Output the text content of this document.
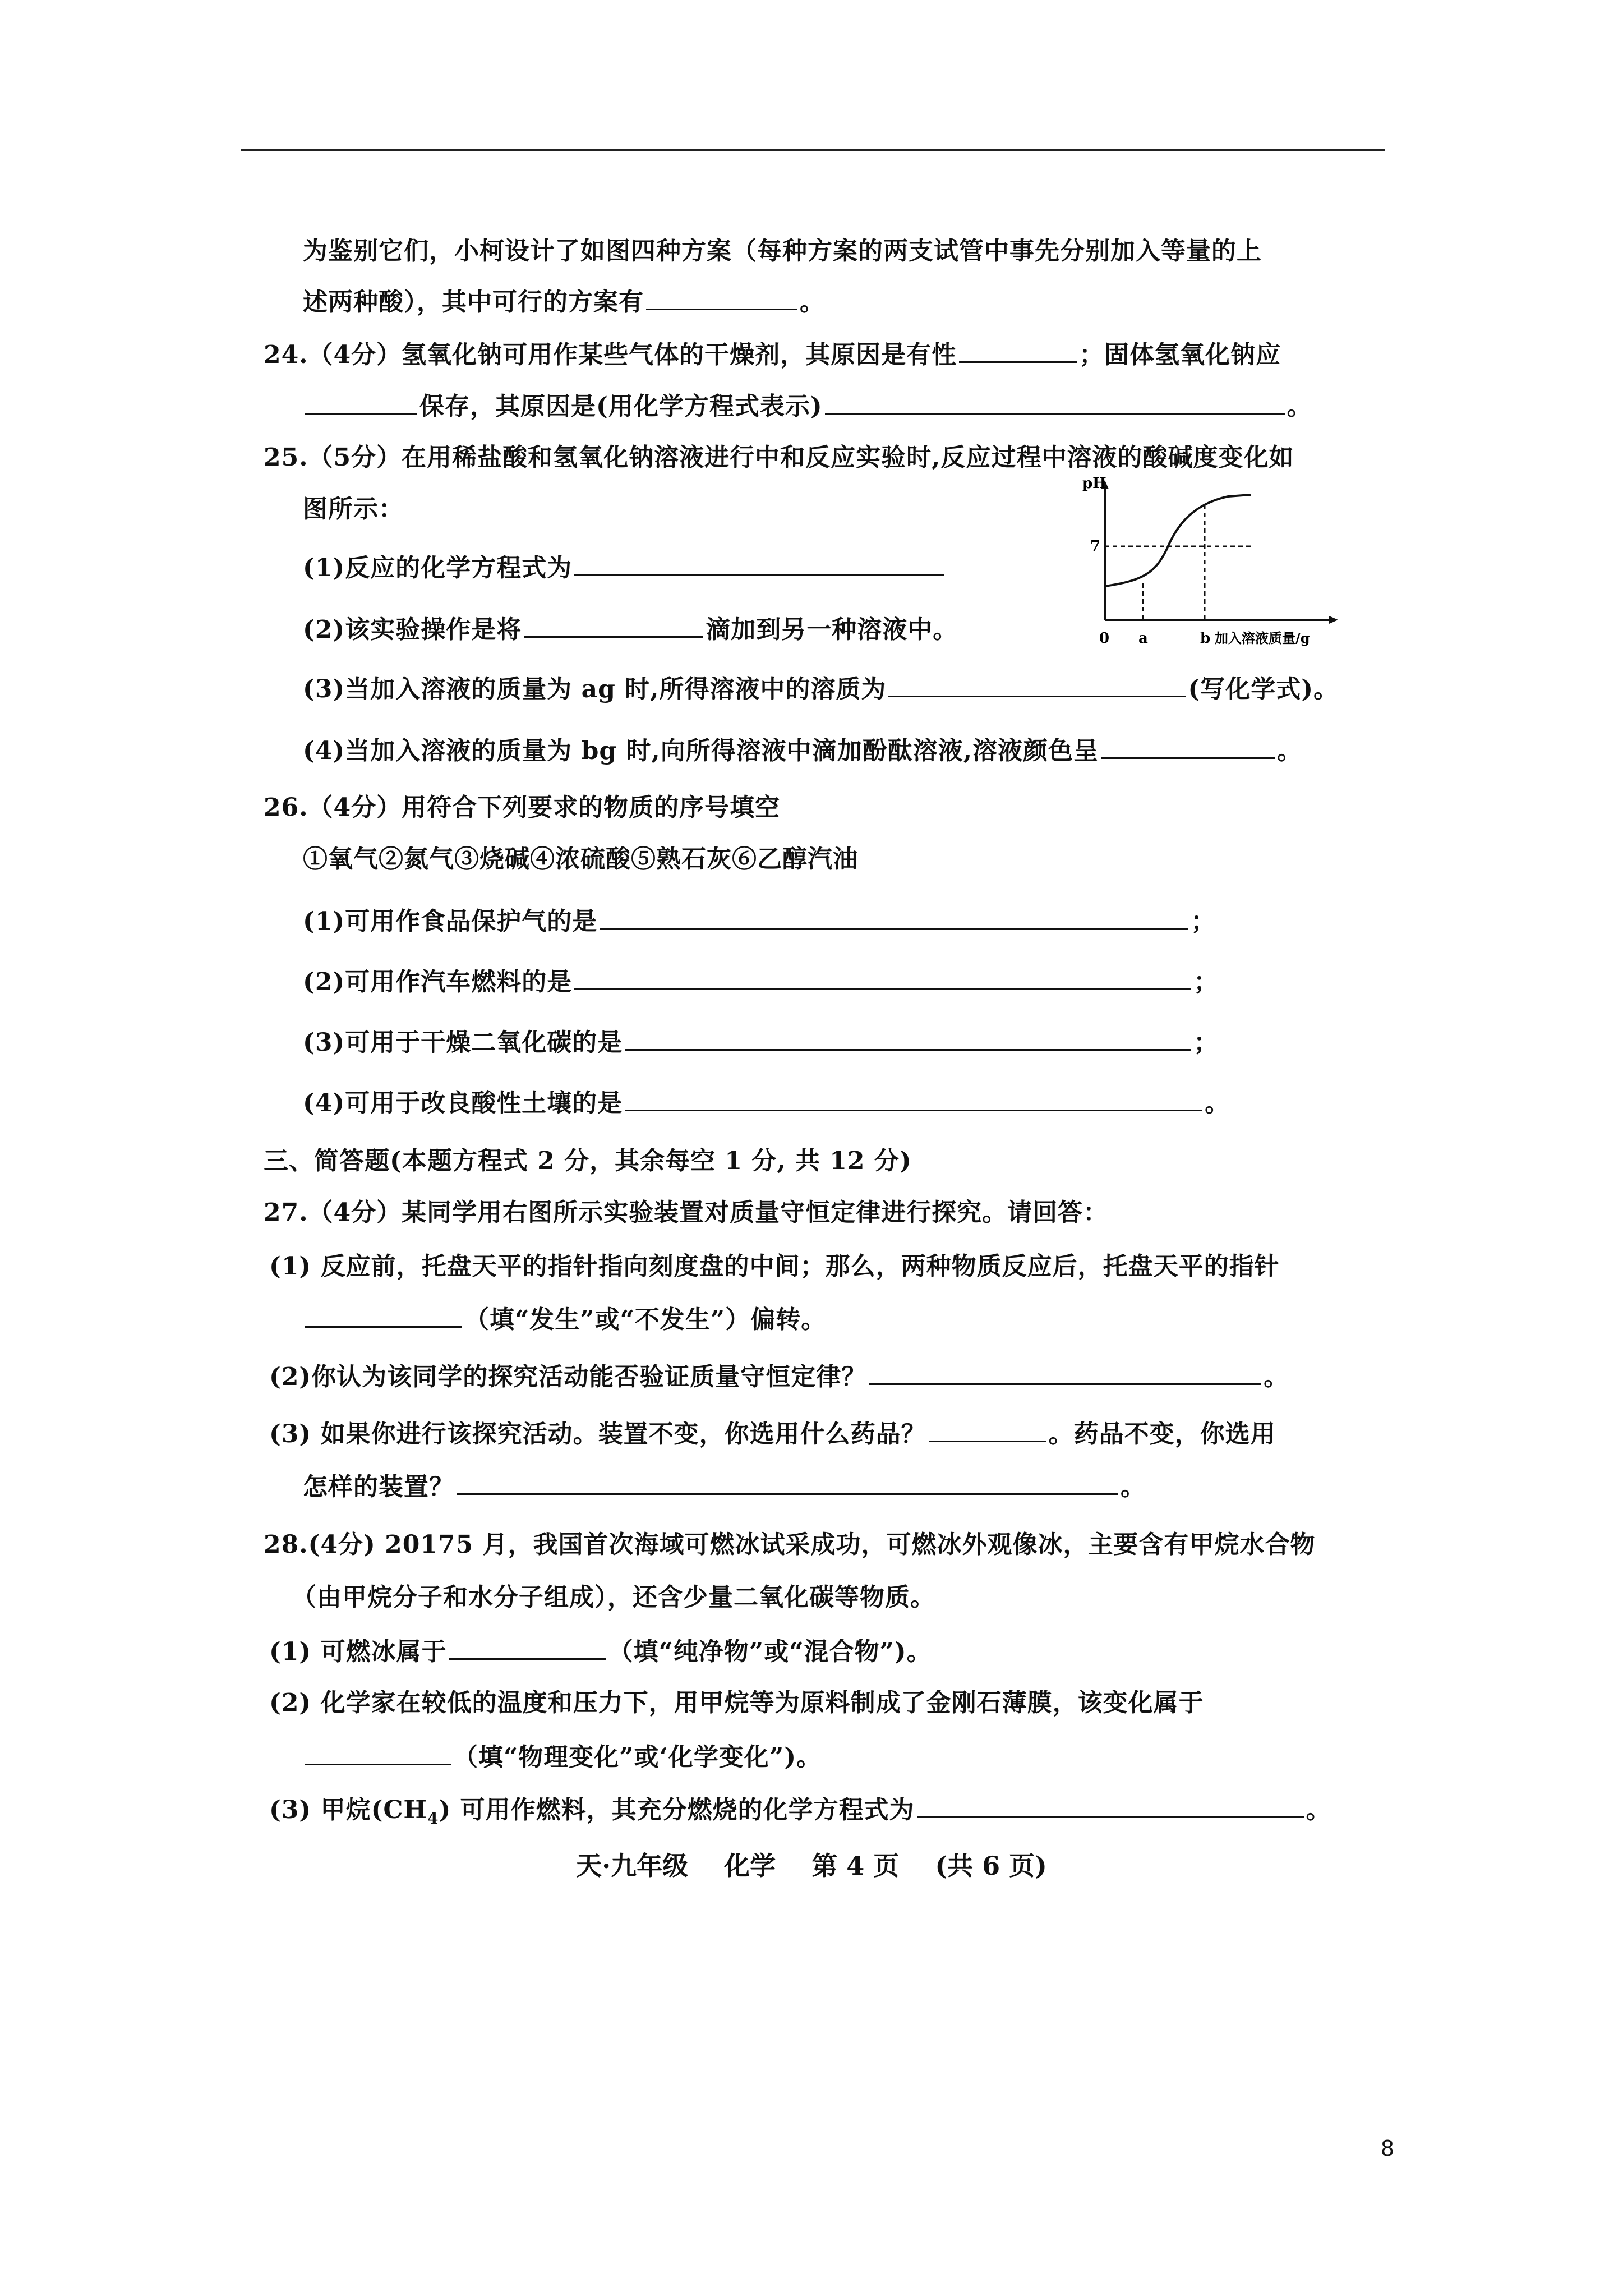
为鉴别它们，小柯设计了如图四种方案（每种方案的两支试管中事先分别加入等量的上
述两种酸），其中可行的方案有	。
24.（4分）氢氧化钠可用作某些气体的干燥剂，其原因是有性	；固体氢氧化钠应
保存，其原因是(用化学方程式表示)	。
25.（5分）在用稀盐酸和氢氧化钠溶液进行中和反应实验时,反应过程中溶液的酸碱度变化如
图所示：
(1)反应的化学方程式为
(2)该实验操作是将	滴加到另一种溶液中。
(3)当加入溶液的质量为 ag 时,所得溶液中的溶质为	(写化学式)。
(4)当加入溶液的质量为 bg 时,向所得溶液中滴加酚酞溶液,溶液颜色呈	。
pH
7
0 a	b 加入溶液质量/g
26.（4分）用符合下列要求的物质的序号填空
①氧气②氮气③烧碱④浓硫酸⑤熟石灰⑥乙醇汽油
(1)可用作食品保护气的是	；
(2)可用作汽车燃料的是	；
(3)可用于干燥二氧化碳的是	；
(4)可用于改良酸性土壤的是	。
三、简答题(本题方程式 2 分，其余每空 1 分, 共 12 分)
27.（4分）某同学用右图所示实验装置对质量守恒定律进行探究。请回答：
(1) 反应前，托盘天平的指针指向刻度盘的中间；那么，两种物质反应后，托盘天平的指针
（填“发生”或“不发生”）偏转。
(2)你认为该同学的探究活动能否验证质量守恒定律？	。
(3) 如果你进行该探究活动。装置不变，你选用什么药品？	。药品不变，你选用
怎样的装置？	。
28.(4分) 20175 月，我国首次海域可燃冰试采成功，可燃冰外观像冰，主要含有甲烷水合物
（由甲烷分子和水分子组成），还含少量二氧化碳等物质。
(1) 可燃冰属于	（填“纯净物”或“混合物”)。
(2) 化学家在较低的温度和压力下，用甲烷等为原料制成了金刚石薄膜，该变化属于
（填“物理变化”或‘化学变化”)。
(3) 甲烷$(CH_4)$ 可用作燃料，其充分燃烧的化学方程式为	。
天·九年级    化学    第 4 页    (共 6 页)
8
